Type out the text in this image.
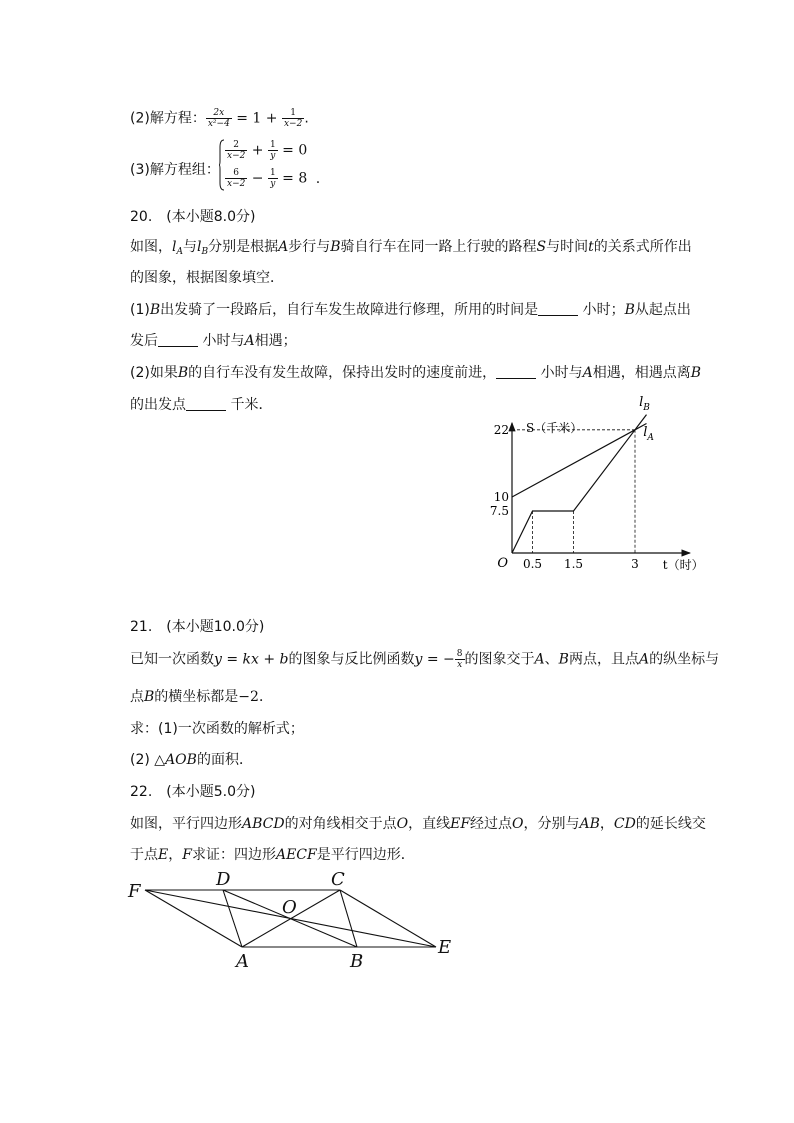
(2)解方程： $\frac{2x}{\text{x²−4}} = 1 + \frac{1}{x-2}$ .
(3)解方程组：
$\frac{2}{x-2} + \frac{1}{y} = 0$
$\frac{6}{x-2} - \frac{1}{y} = 8$ .
20.　(本小题8.0分)
如图，$l_A$与$l_B$分别是根据A步行与B骑自行车在同一路上行驶的路程S与时间t的关系式所作出
的图象，根据图象填空．
(1)B出发骑了一段路后，自行车发生故障进行修理，所用的时间是	小时；B从起点出
发后	小时与A相遇；
(2)如果B的自行车没有发生故障，保持出发时的速度前进，	小时与A相遇，相遇点离B
的出发点	千米．	$l_B$
$l_A$
0.5 1.5	3
7.5
10
22
O
S（千米）
t（时）
21.　(本小题10.0分)
已知一次函数y = kx + b的图象与反比例函数y = − $\frac{8}{x}$ 的图象交于A、B两点，且点A的纵坐标与
点B的横坐标都是−2．
求：(1)一次函数的解析式；
(2) △AOB的面积．
22.　(本小题5.0分)
如图，平行四边形ABCD的对角线相交于点O，直线EF经过点O，分别与AB，CD的延长线交
于点E，F求证：四边形AECF是平行四边形．
F
D	C
O
A	B
E
